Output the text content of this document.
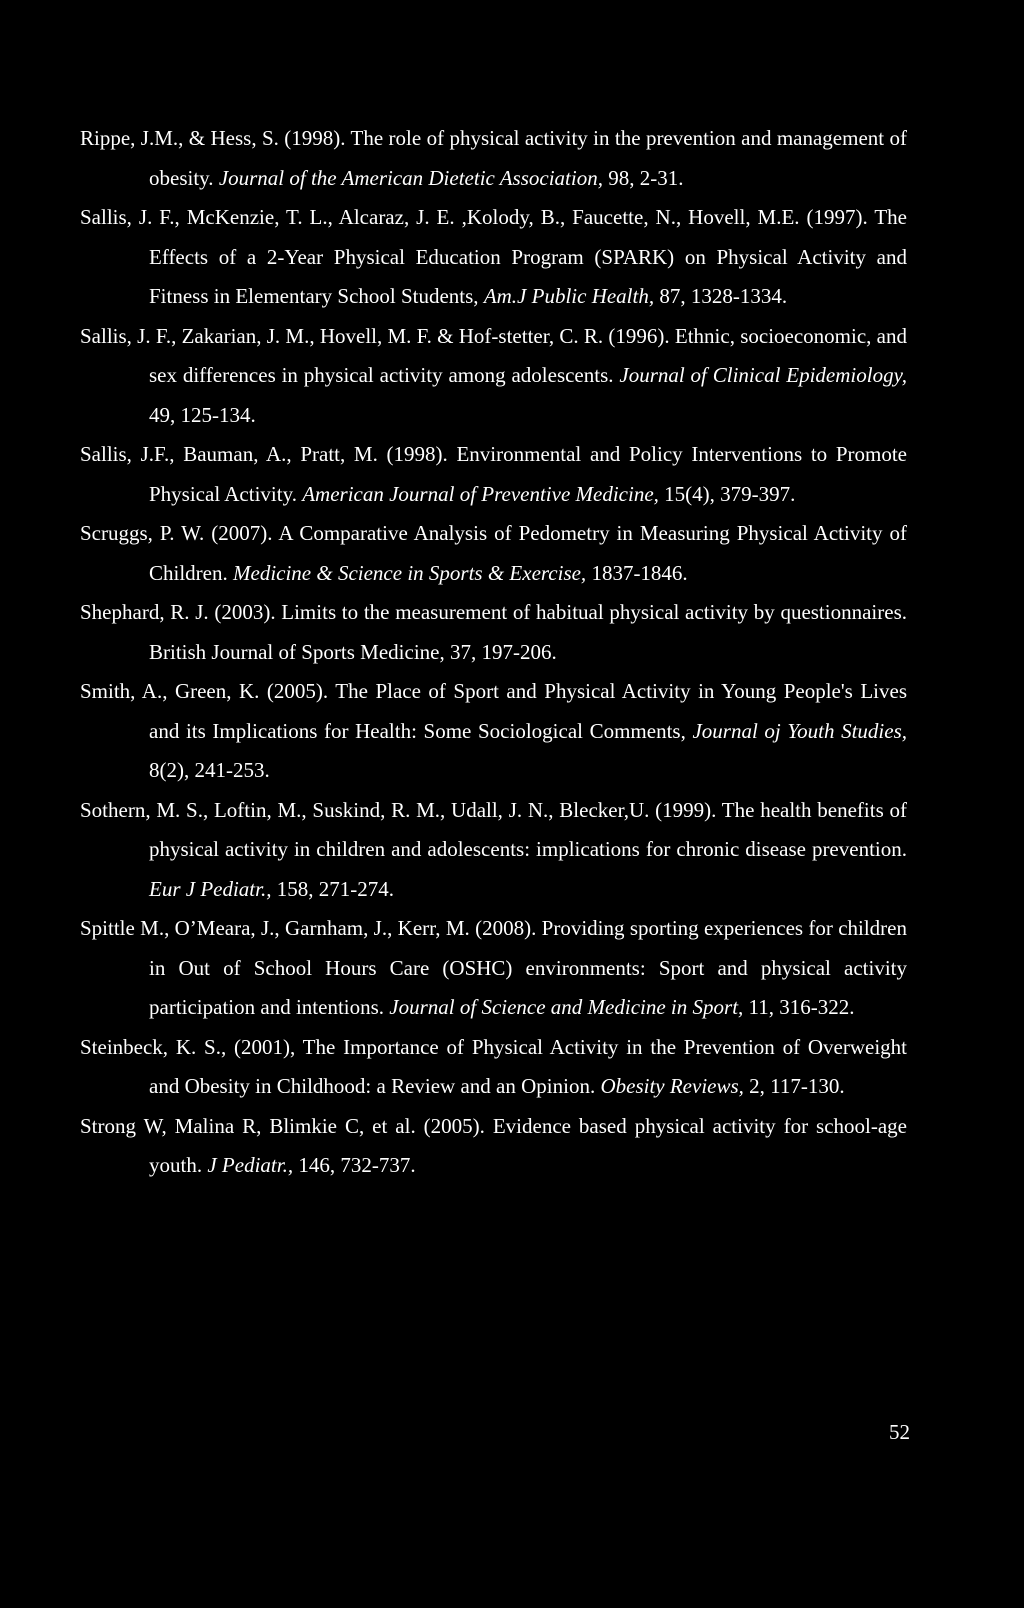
Rippe, J.M., & Hess, S. (1998). The role of physical activity in the prevention and management of obesity. Journal of the American Dietetic Association, 98, 2-31.

Sallis, J. F., McKenzie, T. L., Alcaraz, J. E. ,Kolody, B., Faucette, N., Hovell, M.E. (1997). The Effects of a 2-Year Physical Education Program (SPARK) on Physical Activity and Fitness in Elementary School Students, Am.J Public Health, 87, 1328-1334.

Sallis, J. F., Zakarian, J. M., Hovell, M. F. & Hof-stetter, C. R. (1996). Ethnic, socioeconomic, and sex differences in physical activity among adolescents. Journal of Clinical Epidemiology, 49, 125-134.

Sallis, J.F., Bauman, A., Pratt, M. (1998). Environmental and Policy Interventions to Promote Physical Activity. American Journal of Preventive Medicine, 15(4), 379-397.

Scruggs, P. W. (2007). A Comparative Analysis of Pedometry in Measuring Physical Activity of Children. Medicine & Science in Sports & Exercise, 1837-1846.

Shephard, R. J. (2003). Limits to the measurement of habitual physical activity by questionnaires. British Journal of Sports Medicine, 37, 197-206.

Smith, A., Green, K. (2005). The Place of Sport and Physical Activity in Young People's Lives and its Implications for Health: Some Sociological Comments, Journal oj Youth Studies, 8(2), 241-253.

Sothern, M. S., Loftin, M., Suskind, R. M., Udall, J. N., Blecker,U. (1999). The health benefits of physical activity in children and adolescents: implications for chronic disease prevention. Eur J Pediatr., 158, 271-274.

Spittle M., O’Meara, J., Garnham, J., Kerr, M. (2008). Providing sporting experiences for children in Out of School Hours Care (OSHC) environments: Sport and physical activity participation and intentions. Journal of Science and Medicine in Sport, 11, 316-322.

Steinbeck, K. S., (2001), The Importance of Physical Activity in the Prevention of Overweight and Obesity in Childhood: a Review and an Opinion. Obesity Reviews, 2, 117-130.

Strong W, Malina R, Blimkie C, et al. (2005). Evidence based physical activity for school-age youth. J Pediatr., 146, 732-737.

52
